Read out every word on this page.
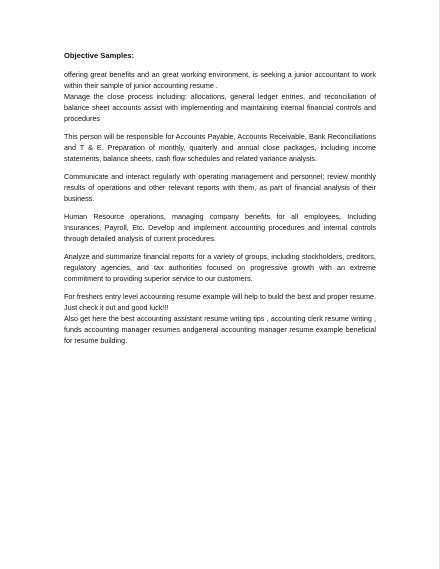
Objective Samples:
offering great benefits and an great working environment, is seeking a junior accountant to work within their sample of junior accounting resume .
Manage the close process including: allocations, general ledger entries, and reconciliation of balance sheet accounts assist with implementing and maintaining internal financial controls and procedures
This person will be responsible for Accounts Payable, Accounts Receivable, Bank Reconciliations and T & E. Preparation of monthly, quarterly and annual close packages, including income statements, balance sheets, cash flow schedules and related variance analysis.
Communicate and interact regularly with operating management and personnel; review monthly results of operations and other relevant reports with them, as part of financial analysis of their business.
Human Resource operations, managing company benefits for all employees, Including Insurances, Payroll, Etc. Develop and implement accounting procedures and internal controls through detailed analysis of current procedures.
Analyze and summarize financial reports for a variety of groups, including stockholders, creditors, regulatory agencies, and tax authorities focused on progressive growth with an extreme commitment to providing superior service to our customers.
For freshers entry level accounting resume example will help to build the best and proper resume. Just check it out and good luck!!!
Also get here the best accounting assistant resume writing tips , accounting clerk resume writing , funds accounting manager resumes andgeneral accounting manager resume example beneficial for resume building.
